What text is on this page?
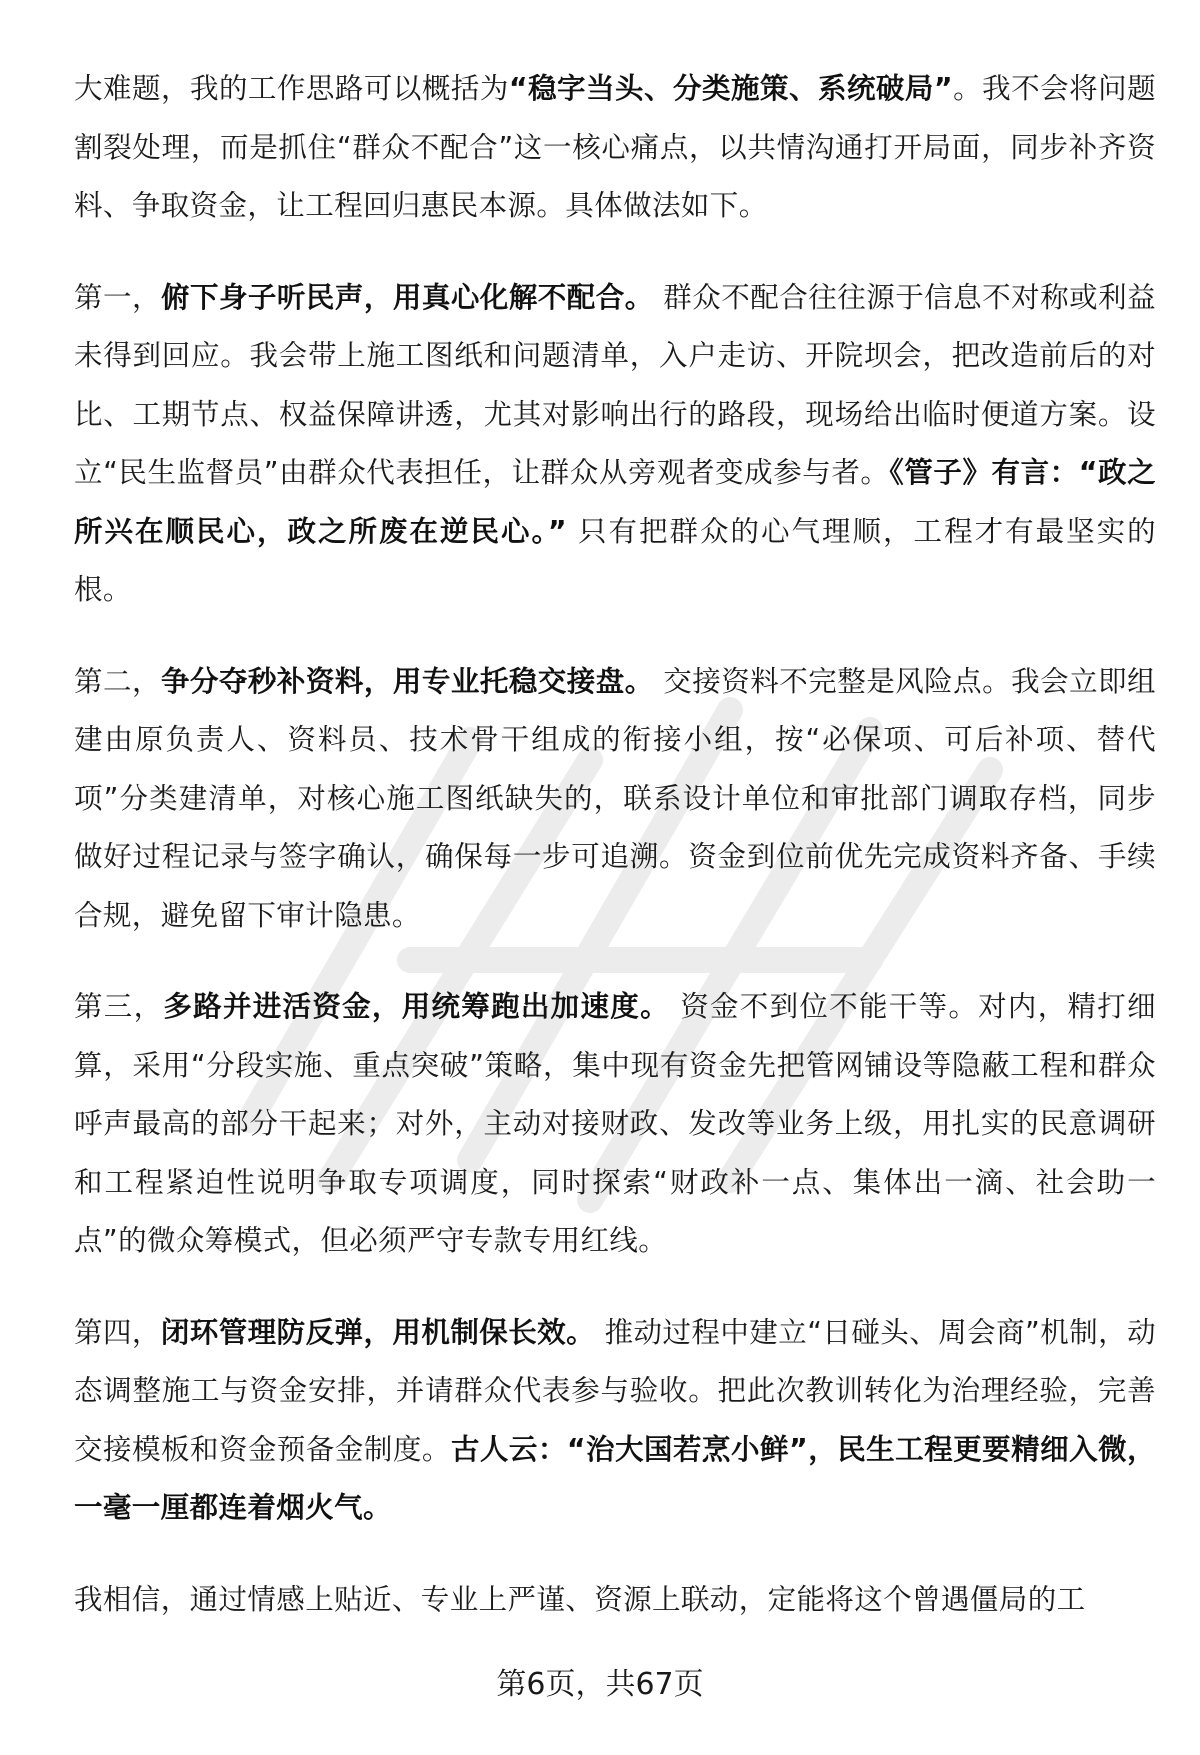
大难题，我的工作思路可以概括为“稳字当头、分类施策、系统破局”。我不会将问题割裂处理，而是抓住“群众不配合”这一核心痛点，以共情沟通打开局面，同步补齐资料、争取资金，让工程回归惠民本源。具体做法如下。

第一，俯下身子听民声，用真心化解不配合。 群众不配合往往源于信息不对称或利益未得到回应。我会带上施工图纸和问题清单，入户走访、开院坝会，把改造前后的对比、工期节点、权益保障讲透，尤其对影响出行的路段，现场给出临时便道方案。设立“民生监督员”由群众代表担任，让群众从旁观者变成参与者。《管子》有言：“政之所兴在顺民心，政之所废在逆民心。” 只有把群众的心气理顺，工程才有最坚实的根。

第二，争分夺秒补资料，用专业托稳交接盘。 交接资料不完整是风险点。我会立即组建由原负责人、资料员、技术骨干组成的衔接小组，按“必保项、可后补项、替代项”分类建清单，对核心施工图纸缺失的，联系设计单位和审批部门调取存档，同步做好过程记录与签字确认，确保每一步可追溯。资金到位前优先完成资料齐备、手续合规，避免留下审计隐患。

第三，多路并进活资金，用统筹跑出加速度。 资金不到位不能干等。对内，精打细算，采用“分段实施、重点突破”策略，集中现有资金先把管网铺设等隐蔽工程和群众呼声最高的部分干起来；对外，主动对接财政、发改等业务上级，用扎实的民意调研和工程紧迫性说明争取专项调度，同时探索“财政补一点、集体出一滴、社会助一点”的微众筹模式，但必须严守专款专用红线。

第四，闭环管理防反弹，用机制保长效。 推动过程中建立“日碰头、周会商”机制，动态调整施工与资金安排，并请群众代表参与验收。把此次教训转化为治理经验，完善交接模板和资金预备金制度。古人云：“治大国若烹小鲜”，民生工程更要精细入微，一毫一厘都连着烟火气。

我相信，通过情感上贴近、专业上严谨、资源上联动，定能将这个曾遇僵局的工

第6页，共67页
